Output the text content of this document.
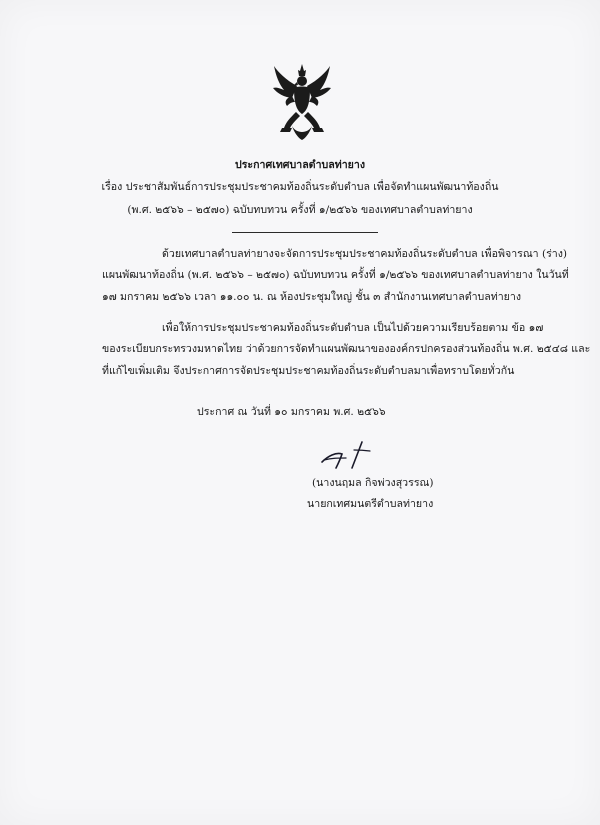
ประกาศเทศบาลตำบลท่ายาง
เรื่อง ประชาสัมพันธ์การประชุมประชาคมท้องถิ่นระดับตำบล เพื่อจัดทำแผนพัฒนาท้องถิ่น
(พ.ศ. ๒๕๖๖ – ๒๕๗๐) ฉบับทบทวน ครั้งที่ ๑/๒๕๖๖ ของเทศบาลตำบลท่ายาง
ด้วยเทศบาลตำบลท่ายางจะจัดการประชุมประชาคมท้องถิ่นระดับตำบล เพื่อพิจารณา (ร่าง)
แผนพัฒนาท้องถิ่น (พ.ศ. ๒๕๖๖ – ๒๕๗๐) ฉบับทบทวน ครั้งที่ ๑/๒๕๖๖ ของเทศบาลตำบลท่ายาง ในวันที่
๑๗ มกราคม ๒๕๖๖ เวลา ๑๑.๐๐ น. ณ ห้องประชุมใหญ่ ชั้น ๓ สำนักงานเทศบาลตำบลท่ายาง
เพื่อให้การประชุมประชาคมท้องถิ่นระดับตำบล เป็นไปด้วยความเรียบร้อยตาม ข้อ ๑๗
ของระเบียบกระทรวงมหาดไทย ว่าด้วยการจัดทำแผนพัฒนาขององค์กรปกครองส่วนท้องถิ่น พ.ศ. ๒๕๔๘ และ
ที่แก้ไขเพิ่มเติม จึงประกาศการจัดประชุมประชาคมท้องถิ่นระดับตำบลมาเพื่อทราบโดยทั่วกัน
ประกาศ ณ วันที่ ๑๐ มกราคม พ.ศ. ๒๕๖๖
(นางนฤมล กิจพ่วงสุวรรณ)
นายกเทศมนตรีตำบลท่ายาง
